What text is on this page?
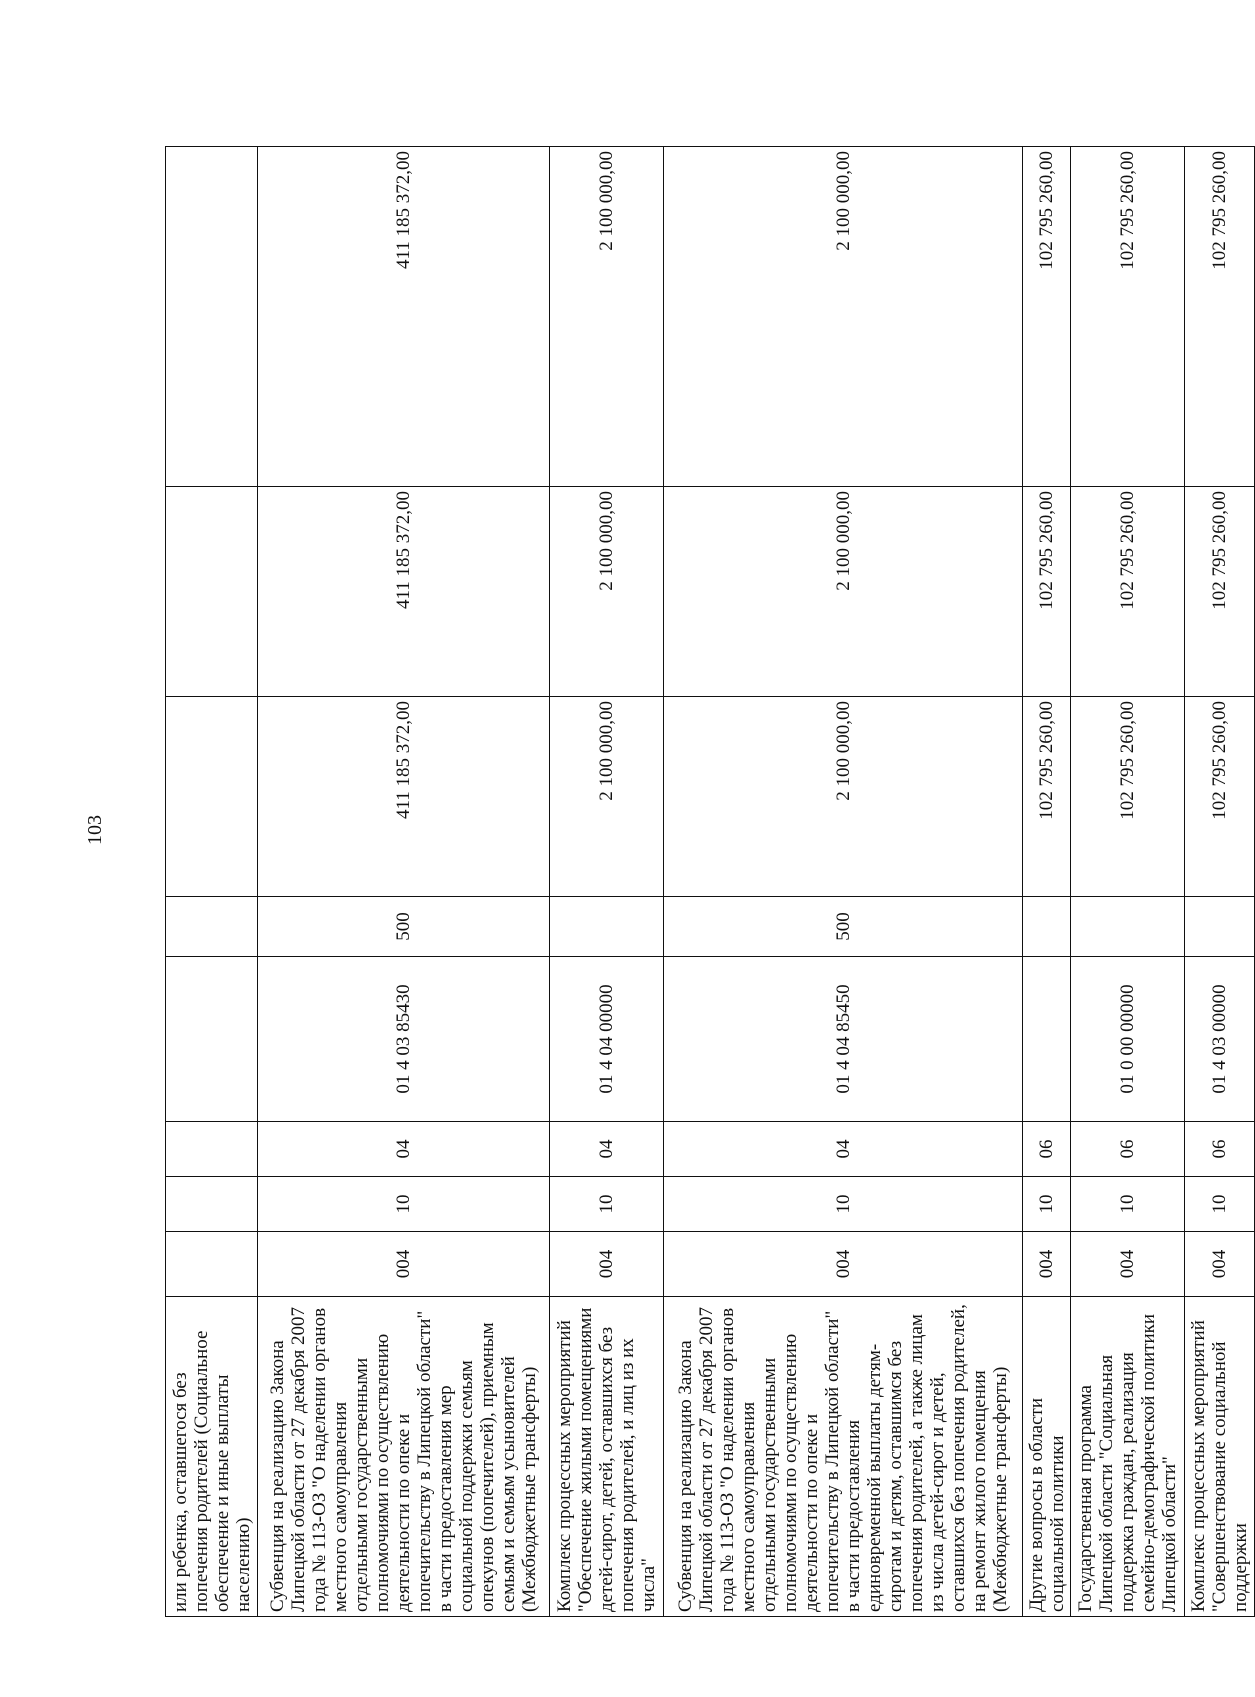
103
или ребенка, оставшегося без попечения родителей (Социальное обеспечение и иные выплаты населению)								
Субвенция на реализацию Закона Липецкой области от 27 декабря 2007 года № 113-ОЗ "О наделении органов местного самоуправления отдельными государственными полномочиями по осуществлению деятельности по опеке и попечительству в Липецкой области" в части предоставления мер социальной поддержки семьям опекунов (попечителей), приемным семьям и семьям усыновителей (Межбюджетные трансферты)	004	10	04	01 4 03 85430	500	411 185 372,00	411 185 372,00	411 185 372,00
Комплекс процессных мероприятий "Обеспечение жилыми помещениями детей-сирот, детей, оставшихся без попечения родителей, и лиц из их числа"	004	10	04	01 4 04 00000		2 100 000,00	2 100 000,00	2 100 000,00
Субвенция на реализацию Закона Липецкой области от 27 декабря 2007 года № 113-ОЗ "О наделении органов местного самоуправления отдельными государственными полномочиями по осуществлению деятельности по опеке и попечительству в Липецкой области" в части предоставления единовременной выплаты детям-сиротам и детям, оставшимся без попечения родителей, а также лицам из числа детей-сирот и детей, оставшихся без попечения родителей, на ремонт жилого помещения (Межбюджетные трансферты)	004	10	04	01 4 04 85450	500	2 100 000,00	2 100 000,00	2 100 000,00
Другие вопросы в области социальной политики	004	10	06			102 795 260,00	102 795 260,00	102 795 260,00
Государственная программа Липецкой области "Социальная поддержка граждан, реализация семейно-демографической политики Липецкой области"	004	10	06	01 0 00 00000		102 795 260,00	102 795 260,00	102 795 260,00
Комплекс процессных мероприятий "Совершенствование социальной поддержки	004	10	06	01 4 03 00000		102 795 260,00	102 795 260,00	102 795 260,00
